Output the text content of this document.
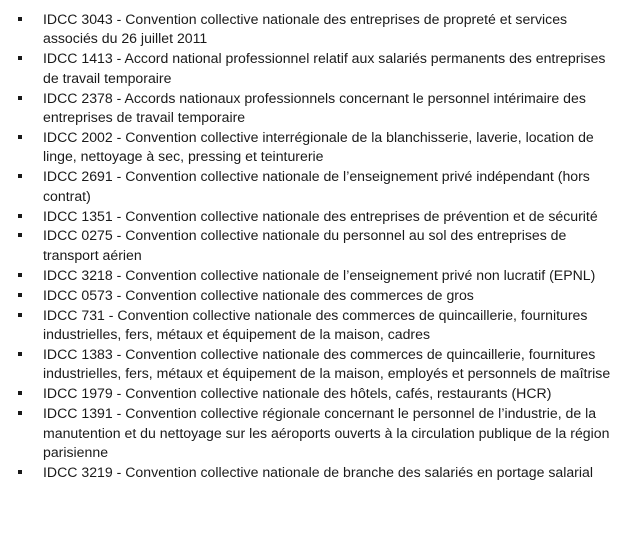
IDCC 3043 - Convention collective nationale des entreprises de propreté et services associés du 26 juillet 2011
IDCC 1413 - Accord national professionnel relatif aux salariés permanents des entreprises de travail temporaire
IDCC 2378 - Accords nationaux professionnels concernant le personnel intérimaire des entreprises de travail temporaire
IDCC 2002 - Convention collective interrégionale de la blanchisserie, laverie, location de linge, nettoyage à sec, pressing et teinturerie
IDCC 2691 - Convention collective nationale de l’enseignement privé indépendant (hors contrat)
IDCC 1351 - Convention collective nationale des entreprises de prévention et de sécurité
IDCC 0275 - Convention collective nationale du personnel au sol des entreprises de transport aérien
IDCC 3218 - Convention collective nationale de l’enseignement privé non lucratif (EPNL)
IDCC 0573 - Convention collective nationale des commerces de gros
IDCC 731 - Convention collective nationale des commerces de quincaillerie, fournitures industrielles, fers, métaux et équipement de la maison, cadres
IDCC 1383 - Convention collective nationale des commerces de quincaillerie, fournitures industrielles, fers, métaux et équipement de la maison, employés et personnels de maîtrise
IDCC 1979 - Convention collective nationale des hôtels, cafés, restaurants (HCR)
IDCC 1391 - Convention collective régionale concernant le personnel de l’industrie, de la manutention et du nettoyage sur les aéroports ouverts à la circulation publique de la région parisienne
IDCC 3219 - Convention collective nationale de branche des salariés en portage salarial
